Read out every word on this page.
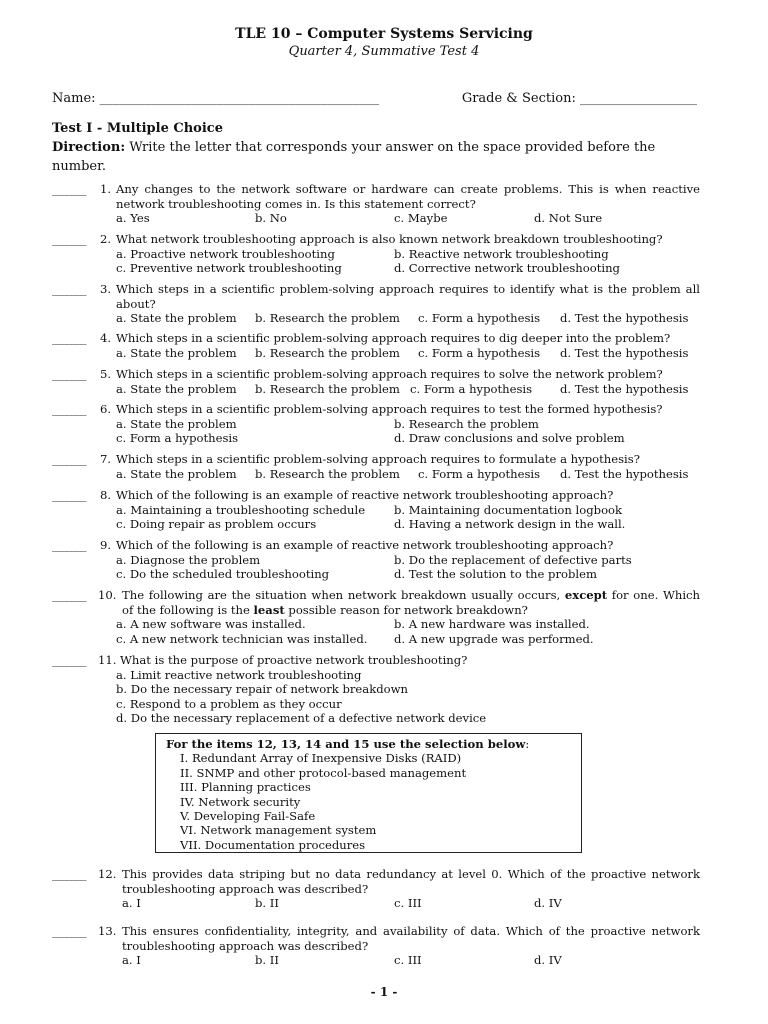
TLE 10 – Computer Systems Servicing
Quarter 4, Summative Test 4
Name: ___________________________________________	Grade & Section: __________________
Test I - Multiple Choice
Direction: Write the letter that corresponds your answer on the space provided before the number.
_______	1. Any changes to the network software or hardware can create problems. This is when reactive network troubleshooting comes in. Is this statement correct?
a. Yes	b. No	c. Maybe	d. Not Sure
_______	2. What network troubleshooting approach is also known network breakdown troubleshooting?
a. Proactive network troubleshooting	b. Reactive network troubleshooting
c. Preventive network troubleshooting	d. Corrective network troubleshooting
_______	3. Which steps in a scientific problem-solving approach requires to identify what is the problem all about?
a. State the problem b. Research the problem c. Form a hypothesis d. Test the hypothesis
_______	4. Which steps in a scientific problem-solving approach requires to dig deeper into the problem?
a. State the problem b. Research the problem c. Form a hypothesis d. Test the hypothesis
_______	5. Which steps in a scientific problem-solving approach requires to solve the network problem?
a. State the problem b. Research the problem c. Form a hypothesis d. Test the hypothesis
_______	6. Which steps in a scientific problem-solving approach requires to test the formed hypothesis?
a. State the problem	b. Research the problem
c. Form a hypothesis	d. Draw conclusions and solve problem
_______	7. Which steps in a scientific problem-solving approach requires to formulate a hypothesis?
a. State the problem b. Research the problem c. Form a hypothesis d. Test the hypothesis
_______	8. Which of the following is an example of reactive network troubleshooting approach?
a. Maintaining a troubleshooting schedule b. Maintaining documentation logbook
c. Doing repair as problem occurs	d. Having a network design in the wall.
_______	9. Which of the following is an example of reactive network troubleshooting approach?
a. Diagnose the problem	b. Do the replacement of defective parts
c. Do the scheduled troubleshooting	d. Test the solution to the problem
_______	10. The following are the situation when network breakdown usually occurs, except for one. Which of the following is the least possible reason for network breakdown?
a. A new software was installed.	b. A new hardware was installed.
c. A new network technician was installed. d. A new upgrade was performed.
_______	11. What is the purpose of proactive network troubleshooting?
a. Limit reactive network troubleshooting
b. Do the necessary repair of network breakdown
c. Respond to a problem as they occur
d. Do the necessary replacement of a defective network device
For the items 12, 13, 14 and 15 use the selection below:
I. Redundant Array of Inexpensive Disks (RAID)
II. SNMP and other protocol-based management
III. Planning practices
IV. Network security
V. Developing Fail-Safe
VI. Network management system
VII. Documentation procedures
_______	12. This provides data striping but no data redundancy at level 0. Which of the proactive network troubleshooting approach was described?
a. I	b. II	c. III	d. IV
_______	13. This ensures confidentiality, integrity, and availability of data. Which of the proactive network troubleshooting approach was described?
a. I	b. II	c. III	d. IV
- 1 -
